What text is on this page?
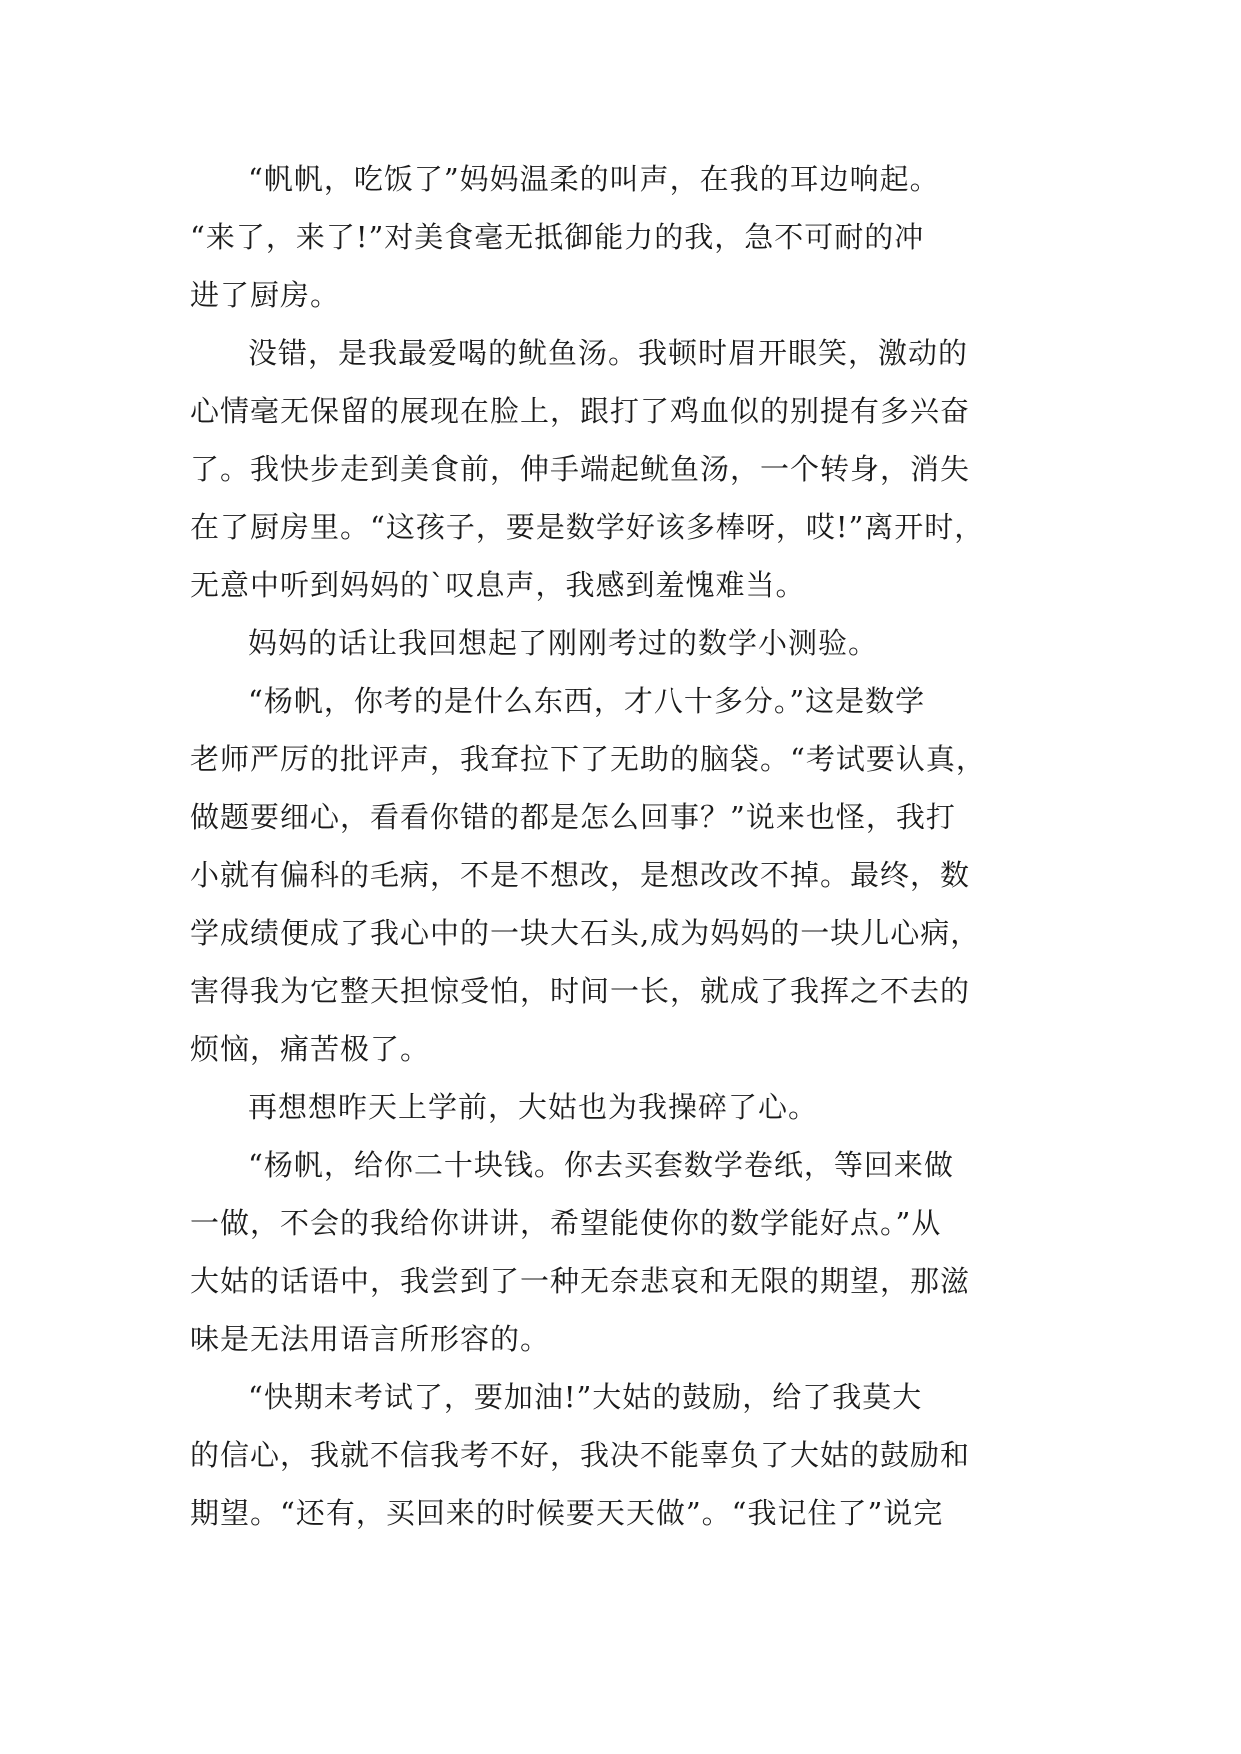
“帆帆，吃饭了”妈妈温柔的叫声，在我的耳边响起。
“来了，来了!”对美食毫无抵御能力的我，急不可耐的冲
进了厨房。

没错，是我最爱喝的鱿鱼汤。我顿时眉开眼笑，激动的
心情毫无保留的展现在脸上，跟打了鸡血似的别提有多兴奋
了。我快步走到美食前，伸手端起鱿鱼汤，一个转身，消失
在了厨房里。“这孩子，要是数学好该多棒呀，哎!”离开时，
无意中听到妈妈的`叹息声，我感到羞愧难当。

妈妈的话让我回想起了刚刚考过的数学小测验。

“杨帆，你考的是什么东西，才八十多分。”这是数学
老师严厉的批评声，我耷拉下了无助的脑袋。“考试要认真，
做题要细心，看看你错的都是怎么回事？”说来也怪，我打
小就有偏科的毛病，不是不想改，是想改改不掉。最终，数
学成绩便成了我心中的一块大石头,成为妈妈的一块儿心病，
害得我为它整天担惊受怕，时间一长，就成了我挥之不去的
烦恼，痛苦极了。

再想想昨天上学前，大姑也为我操碎了心。

“杨帆，给你二十块钱。你去买套数学卷纸，等回来做
一做，不会的我给你讲讲，希望能使你的数学能好点。”从
大姑的话语中，我尝到了一种无奈悲哀和无限的期望，那滋
味是无法用语言所形容的。

“快期末考试了，要加油!”大姑的鼓励，给了我莫大
的信心，我就不信我考不好，我决不能辜负了大姑的鼓励和
期望。“还有，买回来的时候要天天做”。“我记住了”说完
